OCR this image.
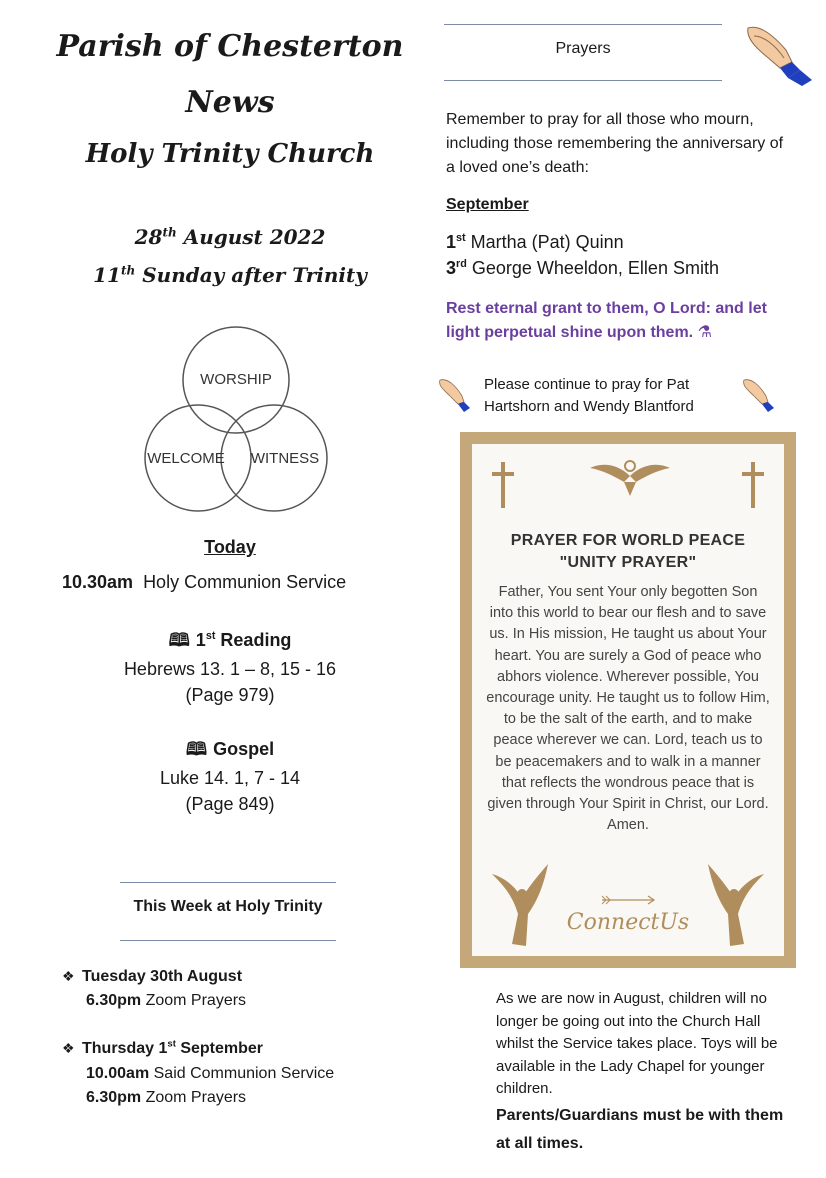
Parish of Chesterton
News
Holy Trinity Church
28th August 2022
11th Sunday after Trinity
WORSHIP
WELCOME WITNESS
Today
10.30am Holy Communion Service
🕮 1st Reading
Hebrews 13. 1 – 8, 15 - 16
(Page 979)
🕮 Gospel
Luke 14. 1, 7 - 14
(Page 849)
This Week at Holy Trinity
❖ Tuesday 30th August
6.30pm Zoom Prayers
❖ Thursday 1st September
10.00am Said Communion Service
6.30pm Zoom Prayers
Prayers
Remember to pray for all those who mourn, including those remembering the anniversary of a loved one’s death:
September
1st Martha (Pat) Quinn
3rd George Wheeldon, Ellen Smith
Rest eternal grant to them, O Lord: and let light perpetual shine upon them. ⚗
Please continue to pray for Pat Hartshorn and Wendy Blantford
PRAYER FOR WORLD PEACE
"UNITY PRAYER"
Father, You sent Your only begotten Son into this world to bear our flesh and to save us. In His mission, He taught us about Your heart. You are surely a God of peace who abhors violence. Wherever possible, You encourage unity. He taught us to follow Him, to be the salt of the earth, and to make peace wherever we can. Lord, teach us to be peacemakers and to walk in a manner that reflects the wondrous peace that is given through Your Spirit in Christ, our Lord. Amen.
ConnectUs
As we are now in August, children will no longer be going out into the Church Hall whilst the Service takes place. Toys will be available in the Lady Chapel for younger children.
Parents/Guardians must be with them at all times.
